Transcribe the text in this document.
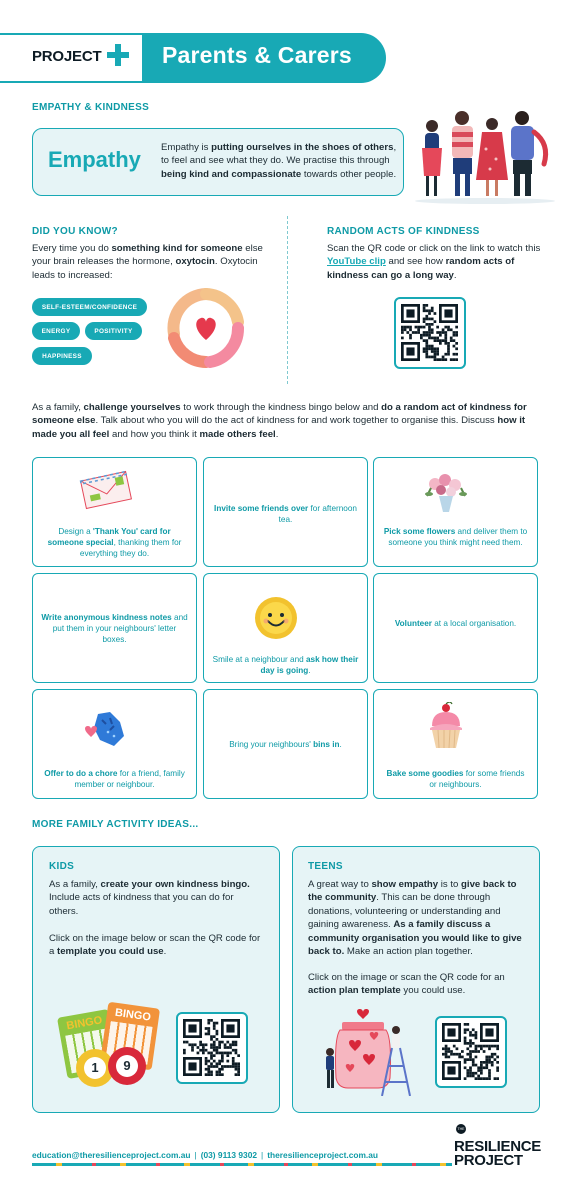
PROJECT	Parents & Carers
EMPATHY & KINDNESS
Empathy Empathy is putting ourselves in the shoes of others, to feel and see what they do. We practise this through being kind and compassionate towards other people.
DID YOU KNOW?
Every time you do something kind for someone else your brain releases the hormone, oxytocin. Oxytocin leads to increased:
SELF-ESTEEM/CONFIDENCE
ENERGY	POSITIVITY
HAPPINESS
RANDOM ACTS OF KINDNESS
Scan the QR code or click on the link to watch this YouTube clip and see how random acts of kindness can go a long way.
As a family, challenge yourselves to work through the kindness bingo below and do a random act of kindness for someone else. Talk about who you will do the act of kindness for and work together to organise this. Discuss how it made you all feel and how you think it made others feel.
Design a 'Thank You' card for someone special, thanking them for everything they do.
Invite some friends over for afternoon tea.
Pick some flowers and deliver them to someone you think might need them.
Write anonymous kindness notes and put them in your neighbours' letter boxes.
Smile at a neighbour and ask how their day is going.
Volunteer at a local organisation.
Offer to do a chore for a friend, family member or neighbour.
Bring your neighbours' bins in.
Bake some goodies for some friends or neighbours.
MORE FAMILY ACTIVITY IDEAS...
KIDS
As a family, create your own kindness bingo. Include acts of kindness that you can do for others.
Click on the image below or scan the QR code for a template you could use.
BINGO	BINGO
1	9
TEENS
A great way to show empathy is to give back to the community. This can be done through donations, volunteering or understanding and gaining awareness. As a family discuss a community organisation you would like to give back to. Make an action plan together.
Click on the image or scan the QR code for an action plan template you could use.
education@theresilienceproject.com.au | (03) 9113 9302 | theresilienceproject.com.au
THE
RESILIENCE
PROJECT
